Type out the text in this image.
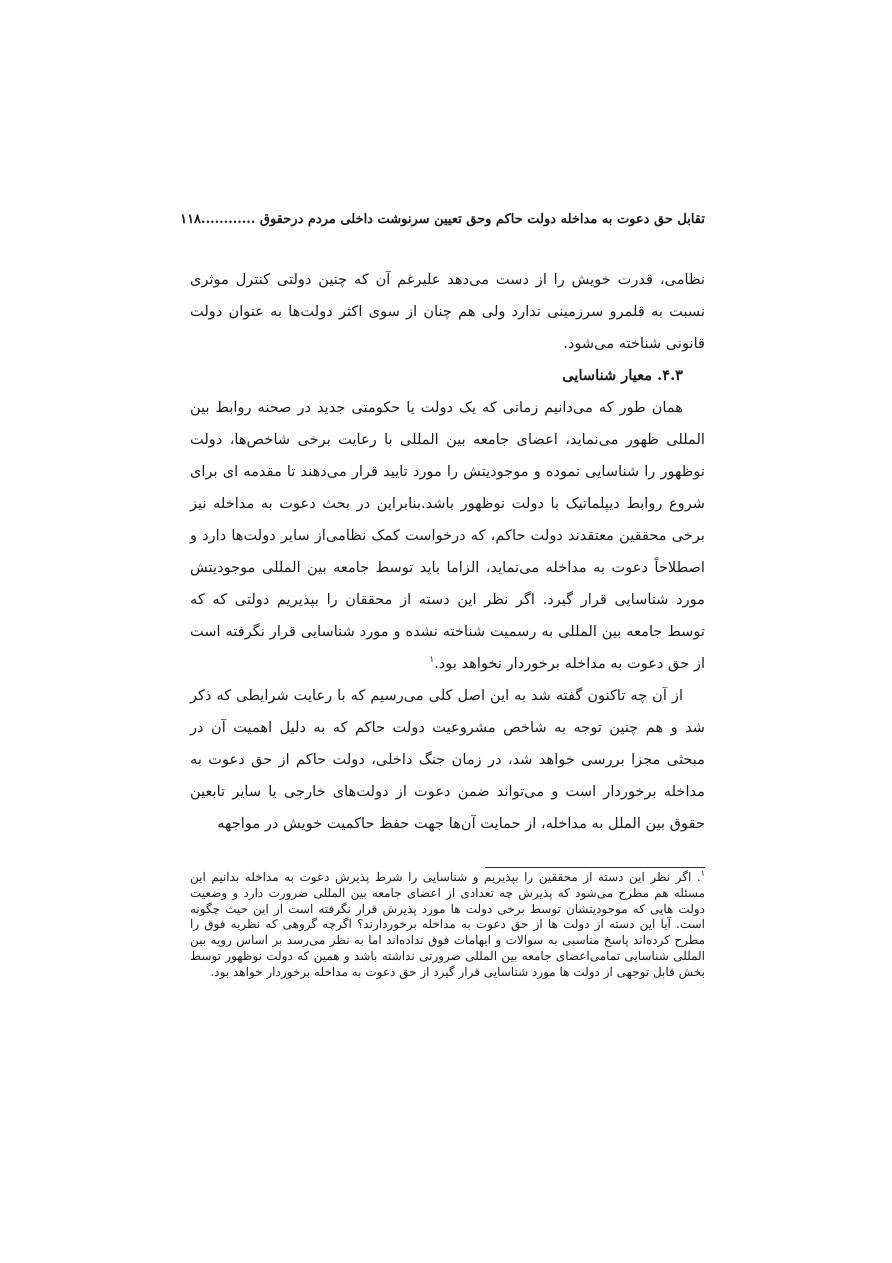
تقابل حق دعوت به مداخله دولت حاکم وحق تعیین سرنوشت داخلی مردم درحقوق ............۱۱۸

نظامی، قدرت خویش را از دست می‌دهد علیرغم آن که چنین دولتی کنترل موثری نسبت به قلمرو سرزمینی ندارد ولی هم چنان از سوی اکثر دولت‌ها به عنوان دولت قانونی شناخته می‌شود.

۴.۳. معیار شناسایی

همان طور که می‌دانیم زمانی که یک دولت یا حکومتی جدید در صحنه روابط بین المللی ظهور می‌نماید، اعضای جامعه بین المللی با رعایت برخی شاخص‌ها، دولت نوظهور را شناسایی نموده و موجودیتش را مورد تایید قرار می‌دهند تا مقدمه ای برای شروع روابط دیپلماتیک با دولت نوظهور باشد.بنابراین در بحث دعوت به مداخله نیز برخی محققین معتقدند دولت حاکم، که درخواست کمک نظامی‌از سایر دولت‌ها دارد و اصطلاحاً دعوت به مداخله می‌نماید، الزاما باید توسط جامعه بین المللی موجودیتش مورد شناسایی قرار گیرد. اگر نظر این دسته از محققان را بپذیریم دولتی که که توسط جامعه بین المللی به رسمیت شناخته نشده و مورد شناسایی قرار نگرفته است از حق دعوت به مداخله برخوردار نخواهد بود.$^۱$

از آن چه تاکنون گفته شد به این اصل کلی می‌رسیم که با رعایت شرایطی که ذکر شد و هم چنین توجه به شاخص مشروعیت دولت حاکم که به دلیل اهمیت آن در مبحثی مجزا بررسی خواهد شد، در زمان جنگ داخلی، دولت حاکم از حق دعوت به مداخله برخوردار است و می‌تواند ضمن دعوت از دولت‌های خارجی یا سایر تابعین حقوق بین الملل به مداخله، از حمایت آن‌ها جهت حفظ حاکمیت خویش در مواجهه

$^۱$. اگر نظر این دسته از محققین را بپذیریم و شناسایی را شرط پذیرش دعوت به مداخله بدانیم این مسئله هم مطرح می‌شود که پذیرش چه تعدادی از اعضای جامعه بین المللی ضرورت دارد و وضعیت دولت هایی که موجودیتشان توسط برخی دولت ها مورد پذیرش قرار نگرفته است از این حیث چگونه است. آیا این دسته از دولت ها از حق دعوت به مداخله برخوردارند؟ اگرچه گروهی که نظریه فوق را مطرح کرده‌اند پاسخ مناسبی به سوالات و ابهامات فوق نداده‌اند اما به نظر می‌رسد بر اساس رویه بین المللی شناسایی تمامی‌اعضای جامعه بین المللی ضرورتی نداشته باشد و همین که دولت نوظهور توسط بخش قابل توجهی از دولت ها مورد شناسایی قرار گیرد از حق دعوت به مداخله برخوردار خواهد بود.
